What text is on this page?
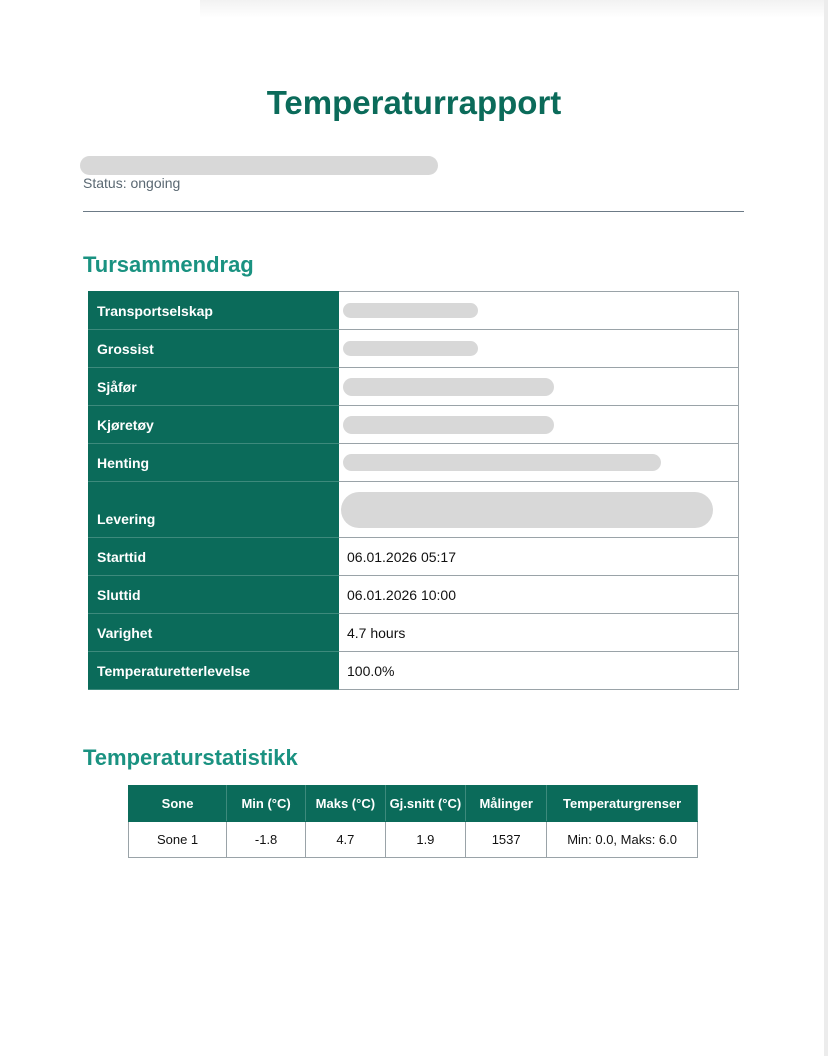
Temperaturrapport
Status: ongoing
Tursammendrag
Transportselskap	

Grossist	

Sjåfør	

Kjøretøy	

Henting	

Levering	

Starttid	06.01.2026 05:17
Sluttid	06.01.2026 10:00
Varighet	4.7 hours
Temperaturetterlevelse	100.0%
Temperaturstatistikk
Sone	Min (°C)	Maks (°C)	Gj.snitt (°C)	Målinger	Temperaturgrenser
Sone 1	-1.8	4.7	1.9	1537	Min: 0.0, Maks: 6.0
